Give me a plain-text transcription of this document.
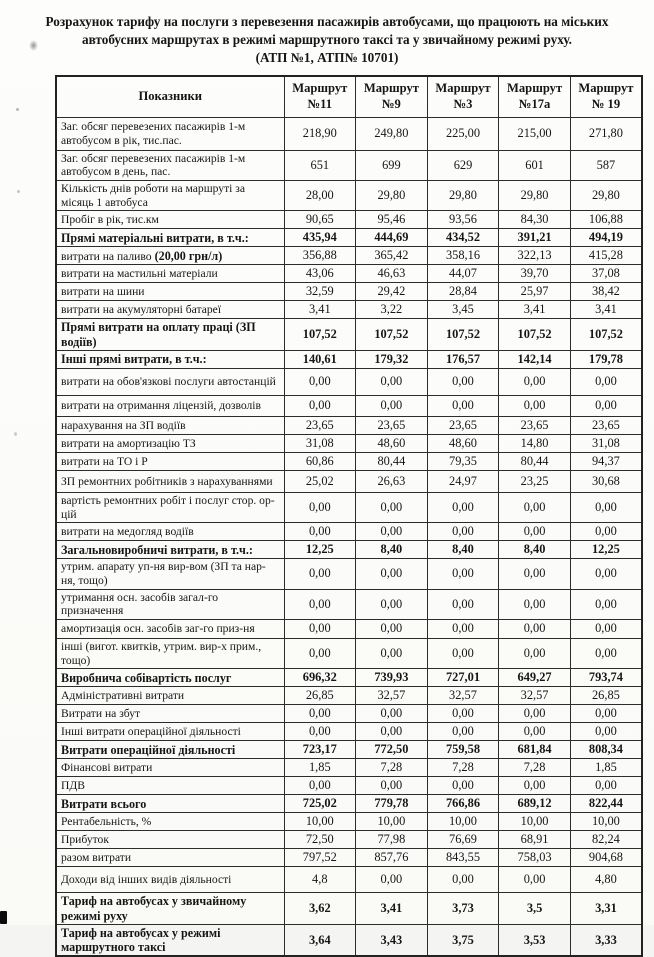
Розрахунок тарифу на послуги з перевезення пасажирів автобусами, що працюють на міських
автобусних маршрутах в режимі маршрутного таксі та у звичайному режимі руху.
(АТП №1, АТП№ 10701)
Показники	Маршрут №11	Маршрут №9	Маршрут №3	Маршрут №17а	Маршрут № 19
Заг. обсяг перевезених пасажирів 1-м автобусом в рік, тис.пас.	218,90	249,80	225,00	215,00	271,80
Заг. обсяг перевезених пасажирів 1-м автобусом в день, пас.	651	699	629	601	587
Кількість днів роботи на маршруті за місяць 1 автобуса	28,00	29,80	29,80	29,80	29,80
Пробіг в рік, тис.км	90,65	95,46	93,56	84,30	106,88
Прямі матеріальні витрати, в т.ч.:	435,94	444,69	434,52	391,21	494,19
витрати на паливо (20,00 грн/л)	356,88	365,42	358,16	322,13	415,28
витрати на мастильні матеріали	43,06	46,63	44,07	39,70	37,08
витрати на шини	32,59	29,42	28,84	25,97	38,42
витрати на акумуляторні батареї	3,41	3,22	3,45	3,41	3,41
Прямі витрати на оплату праці (ЗП водіїв)	107,52	107,52	107,52	107,52	107,52
Інші прямі витрати, в т.ч.:	140,61	179,32	176,57	142,14	179,78
витрати на обов'язкові послуги автостанцій	0,00	0,00	0,00	0,00	0,00
витрати на отримання ліцензій, дозволів	0,00	0,00	0,00	0,00	0,00
нарахування на ЗП водіїв	23,65	23,65	23,65	23,65	23,65
витрати на амортизацію ТЗ	31,08	48,60	48,60	14,80	31,08
витрати на ТО і Р	60,86	80,44	79,35	80,44	94,37
ЗП ремонтних робітників з нарахуваннями	25,02	26,63	24,97	23,25	30,68
вартість ремонтних робіт і послуг стор. ор-цій	0,00	0,00	0,00	0,00	0,00
витрати на медогляд водіїв	0,00	0,00	0,00	0,00	0,00
Загальновиробничі витрати, в т.ч.:	12,25	8,40	8,40	8,40	12,25
утрим. апарату уп-ня вир-вом (ЗП та нар-ня, тощо)	0,00	0,00	0,00	0,00	0,00
утримання осн. засобів загал-го призначення	0,00	0,00	0,00	0,00	0,00
амортизація осн. засобів заг-го приз-ня	0,00	0,00	0,00	0,00	0,00
інші (вигот. квитків, утрим. вир-х прим., тощо)	0,00	0,00	0,00	0,00	0,00
Виробнича собівартість послуг	696,32	739,93	727,01	649,27	793,74
Адміністративні витрати	26,85	32,57	32,57	32,57	26,85
Витрати на збут	0,00	0,00	0,00	0,00	0,00
Інші витрати операційної діяльності	0,00	0,00	0,00	0,00	0,00
Витрати операційної діяльності	723,17	772,50	759,58	681,84	808,34
Фінансові витрати	1,85	7,28	7,28	7,28	1,85
ПДВ	0,00	0,00	0,00	0,00	0,00
Витрати всього	725,02	779,78	766,86	689,12	822,44
Рентабельність, %	10,00	10,00	10,00	10,00	10,00
Прибуток	72,50	77,98	76,69	68,91	82,24
разом витрати	797,52	857,76	843,55	758,03	904,68
Доходи від інших видів діяльності	4,8	0,00	0,00	0,00	4,80
Тариф на автобусах у звичайному режимі руху	3,62	3,41	3,73	3,5	3,31
Тариф на автобусах у режимі маршрутного таксі	3,64	3,43	3,75	3,53	3,33
